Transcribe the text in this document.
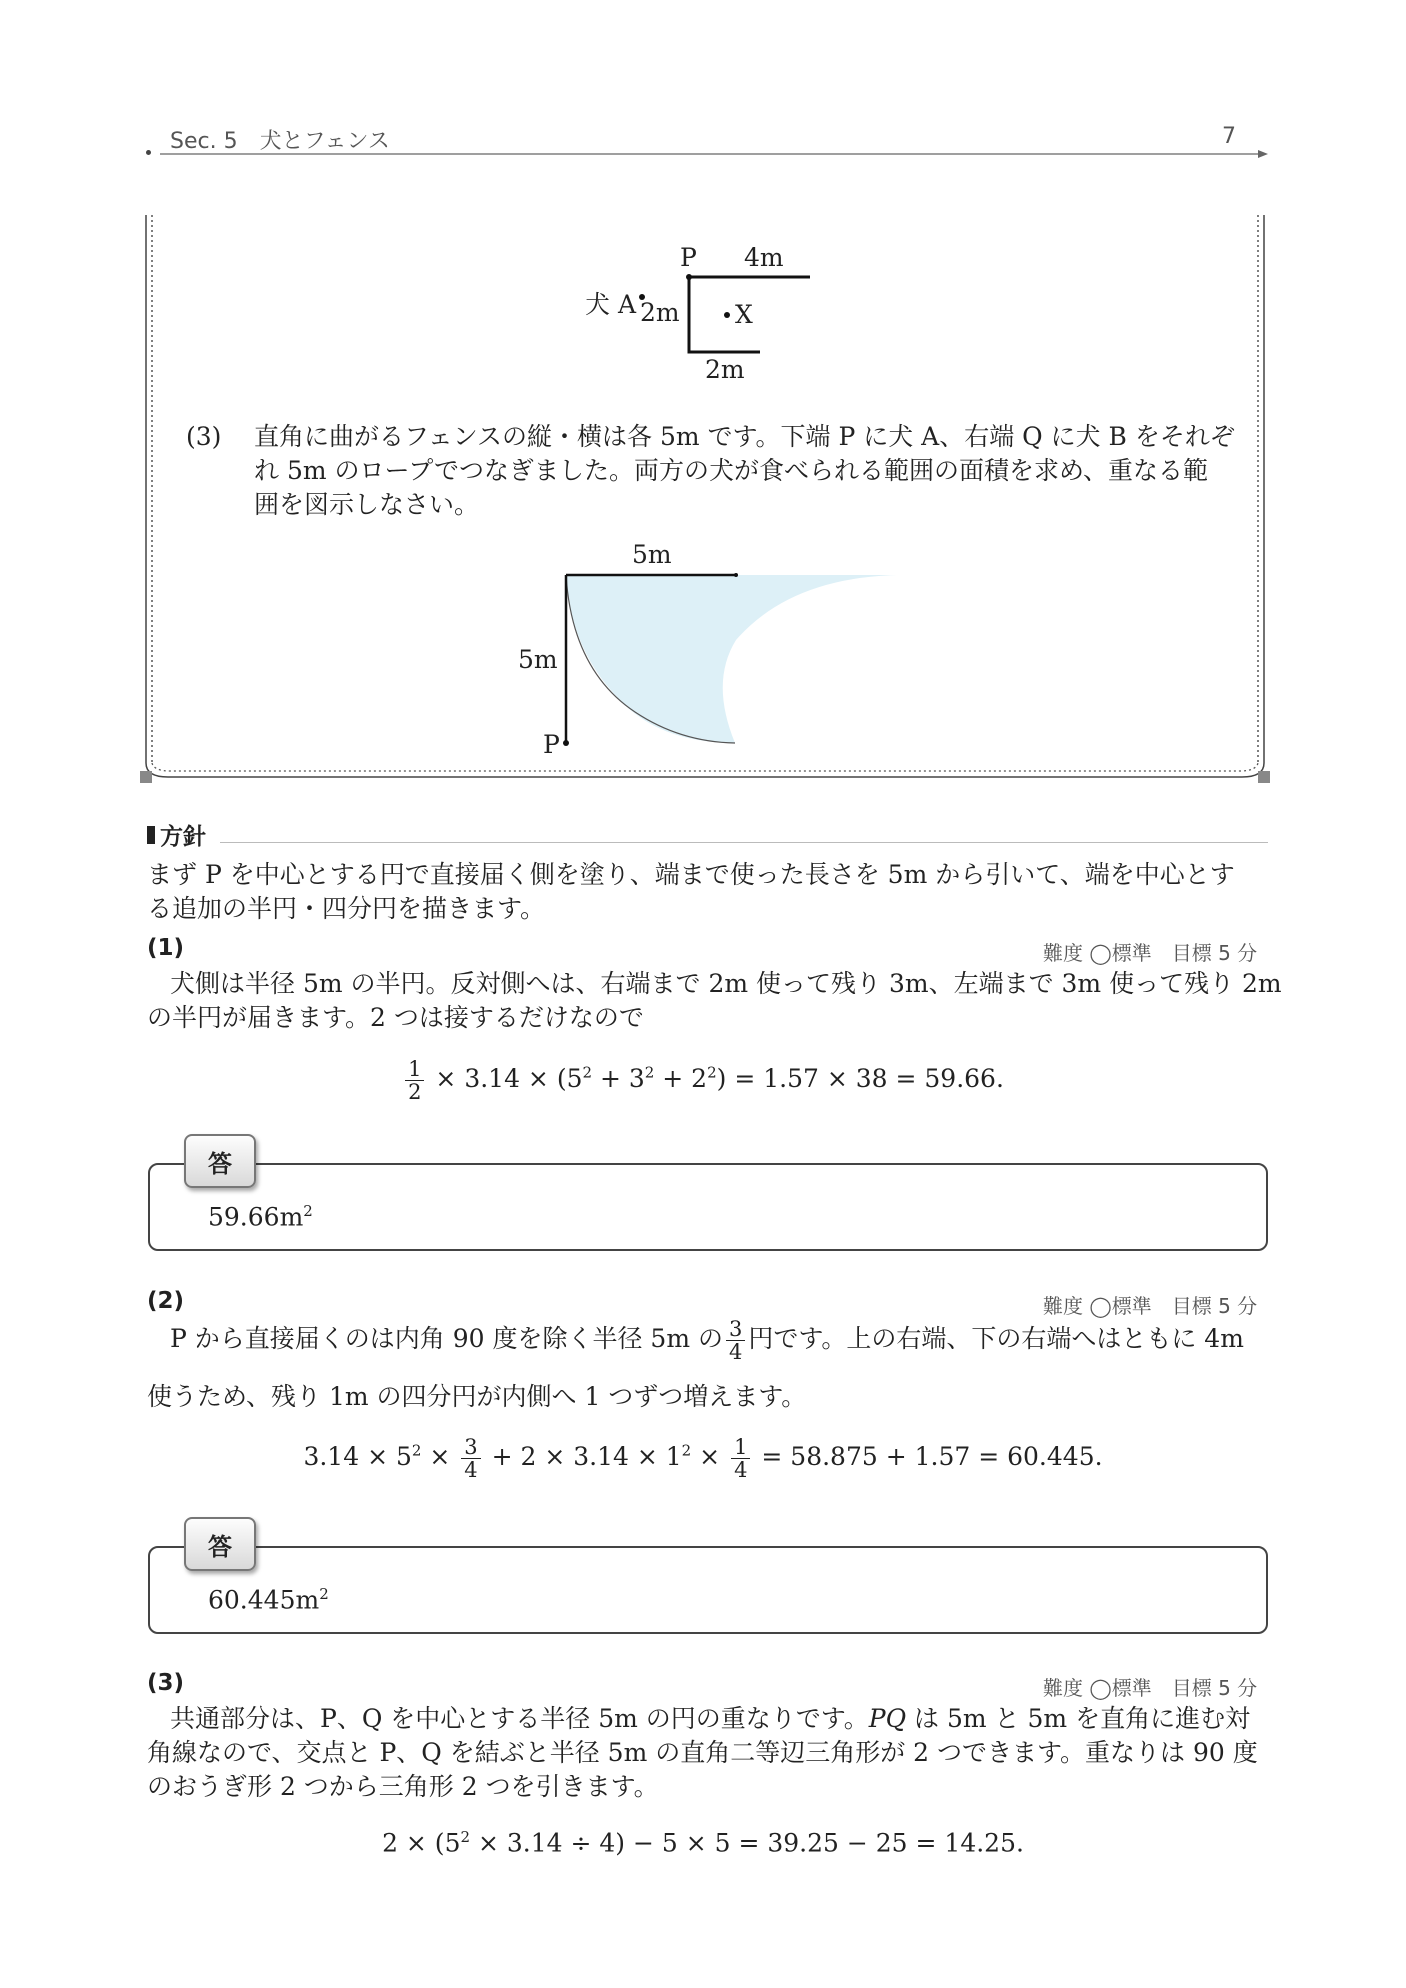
Sec. 5　犬とフェンス	7
P 4m
犬 A 2m X
2m
(3) 直角に曲がるフェンスの縦・横は各 5m です。下端 P に犬 A、右端 Q に犬 B をそれぞ
れ 5m のロープでつなぎました。両方の犬が食べられる範囲の面積を求め、重なる範
囲を図示しなさい。
5m
5m
P
方針
まず P を中心とする円で直接届く側を塗り、端まで使った長さを 5m から引いて、端を中心とす
る追加の半円・四分円を描きます。
(1)	難度 ◯標準　目標 5 分
犬側は半径 5m の半円。反対側へは、右端まで 2m 使って残り 3m、左端まで 3m 使って残り 2m
の半円が届きます。2 つは接するだけなので
$\frac{1}{2} \times 3.14 \times (5^2 + 3^2 + 2^2) = 1.57 \times 38 = 59.66$.
答
$59.66m^2$
(2)	難度 ◯標準　目標 5 分
P から直接届くのは内角 90 度を除く半径 5m の $\frac{3}{4}$ 円です。上の右端、下の右端へはともに 4m
使うため、残り 1m の四分円が内側へ 1 つずつ増えます。
$3.14 \times 5^2 \times \frac{3}{4} + 2 \times 3.14 \times 1^2 \times \frac{1}{4} = 58.875 + 1.57 = 60.445$.
答
$60.445m^2$
(3)	難度 ◯標準　目標 5 分
共通部分は、P、Q を中心とする半径 5m の円の重なりです。PQ は 5m と 5m を直角に進む対
角線なので、交点と P、Q を結ぶと半径 5m の直角二等辺三角形が 2 つできます。重なりは 90 度
のおうぎ形 2 つから三角形 2 つを引きます。
$2 \times (5^2 \times 3.14 \div 4) - 5 \times 5 = 39.25 - 25 = 14.25$.
